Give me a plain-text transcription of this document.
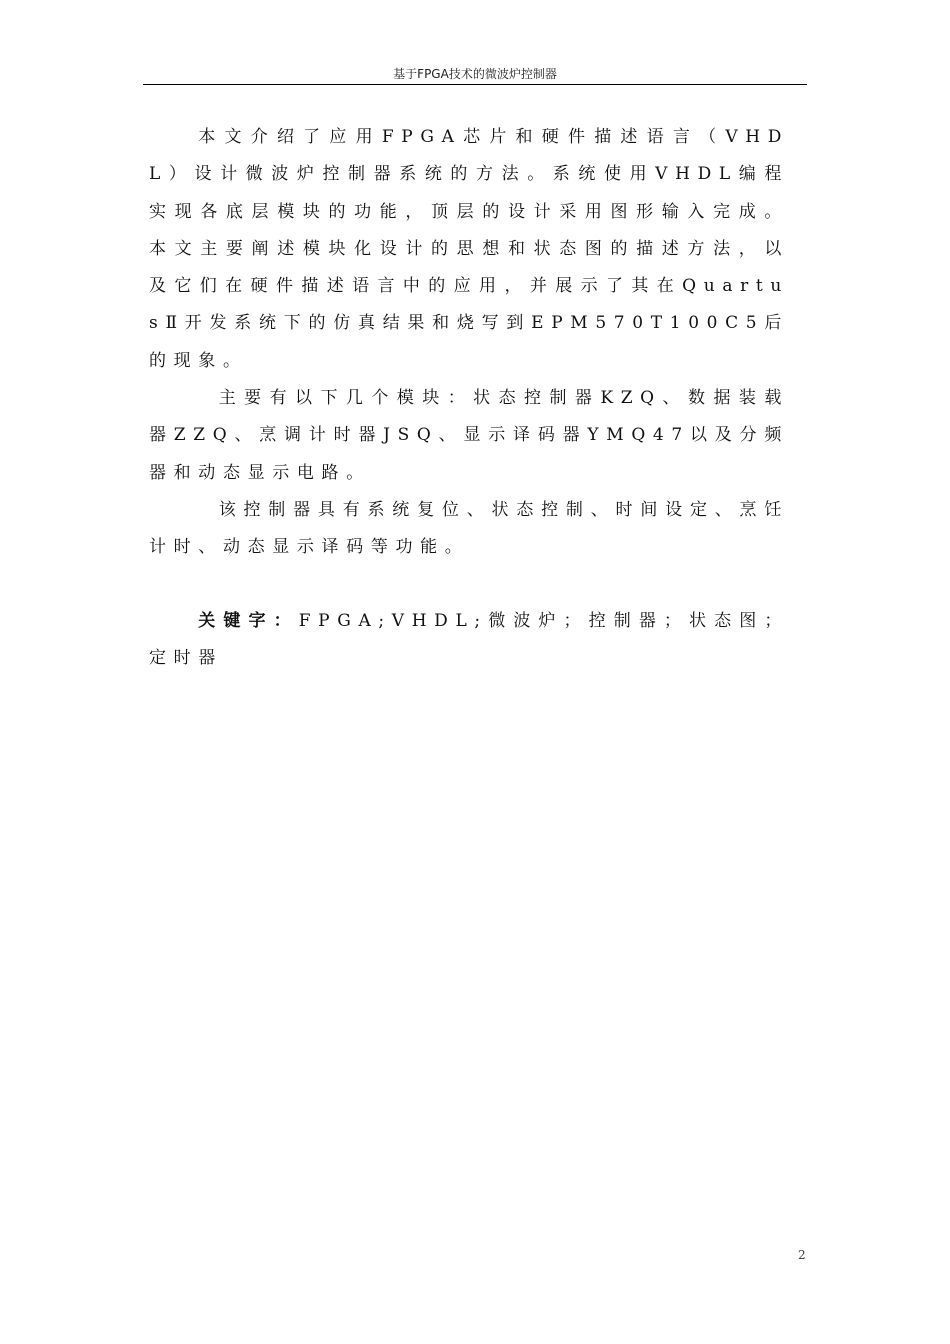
基于FPGA技术的微波炉控制器

本文介绍了应用FPGA芯片和硬件描述语言（VHDL）设计微波炉控制器系统的方法。系统使用VHDL编程实现各底层模块的功能，顶层的设计采用图形输入完成。本文主要阐述模块化设计的思想和状态图的描述方法，以及它们在硬件描述语言中的应用，并展示了其在QuartusⅡ开发系统下的仿真结果和烧写到EPM570T100C5后的现象。

主要有以下几个模块：状态控制器KZQ、数据装载器ZZQ、烹调计时器JSQ、显示译码器YMQ47以及分频器和动态显示电路。

该控制器具有系统复位、状态控制、时间设定、烹饪计时、动态显示译码等功能。

关键字：FPGA;VHDL;微波炉；控制器；状态图；定时器

2
